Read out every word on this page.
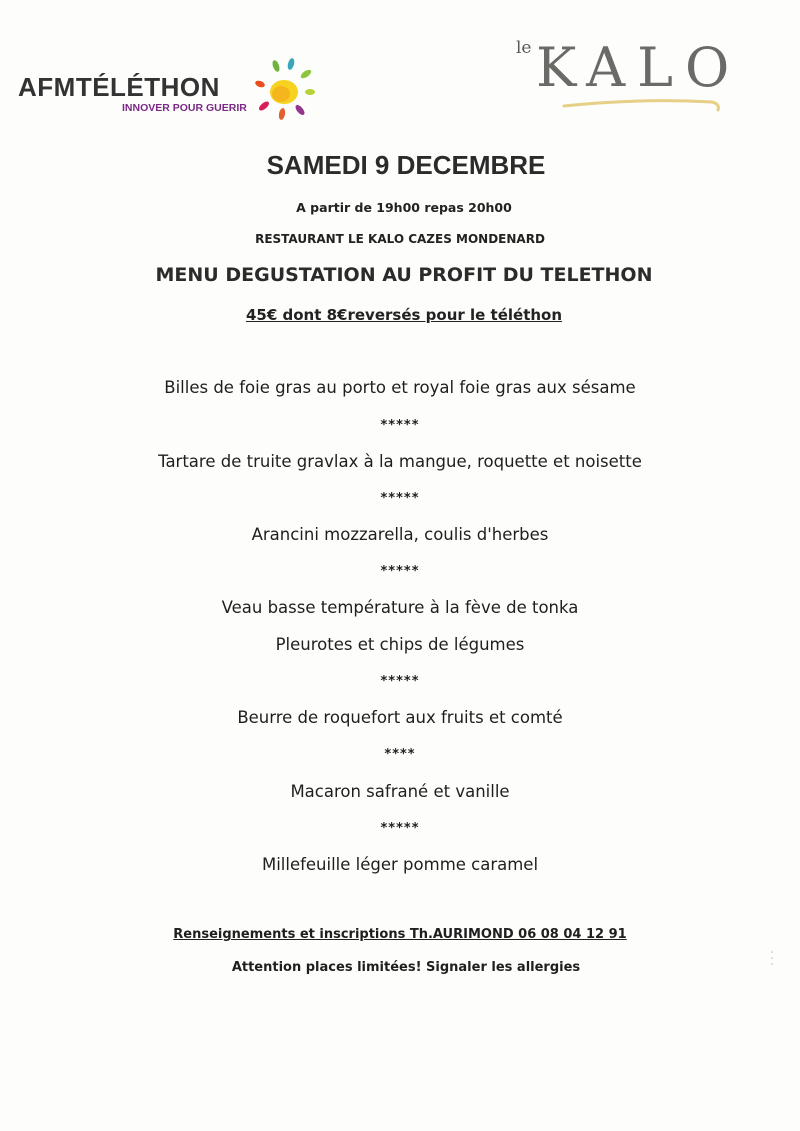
AFMTÉLÉTHON
INNOVER POUR GUERIR
le KALO
SAMEDI 9 DECEMBRE
A partir de 19h00 repas 20h00
RESTAURANT LE KALO CAZES MONDENARD
MENU DEGUSTATION AU PROFIT DU TELETHON
45€ dont 8€reversés pour le téléthon
Billes de foie gras au porto et royal foie gras aux sésame
*****
Tartare de truite gravlax à la mangue, roquette et noisette
*****
Arancini mozzarella, coulis d'herbes
*****
Veau basse température à la fève de tonka
Pleurotes et chips de légumes
*****
Beurre de roquefort aux fruits et comté
****
Macaron safrané et vanille
*****
Millefeuille léger pomme caramel
Renseignements et inscriptions Th.AURIMOND 06 08 04 12 91
Attention places limitées! Signaler les allergies
